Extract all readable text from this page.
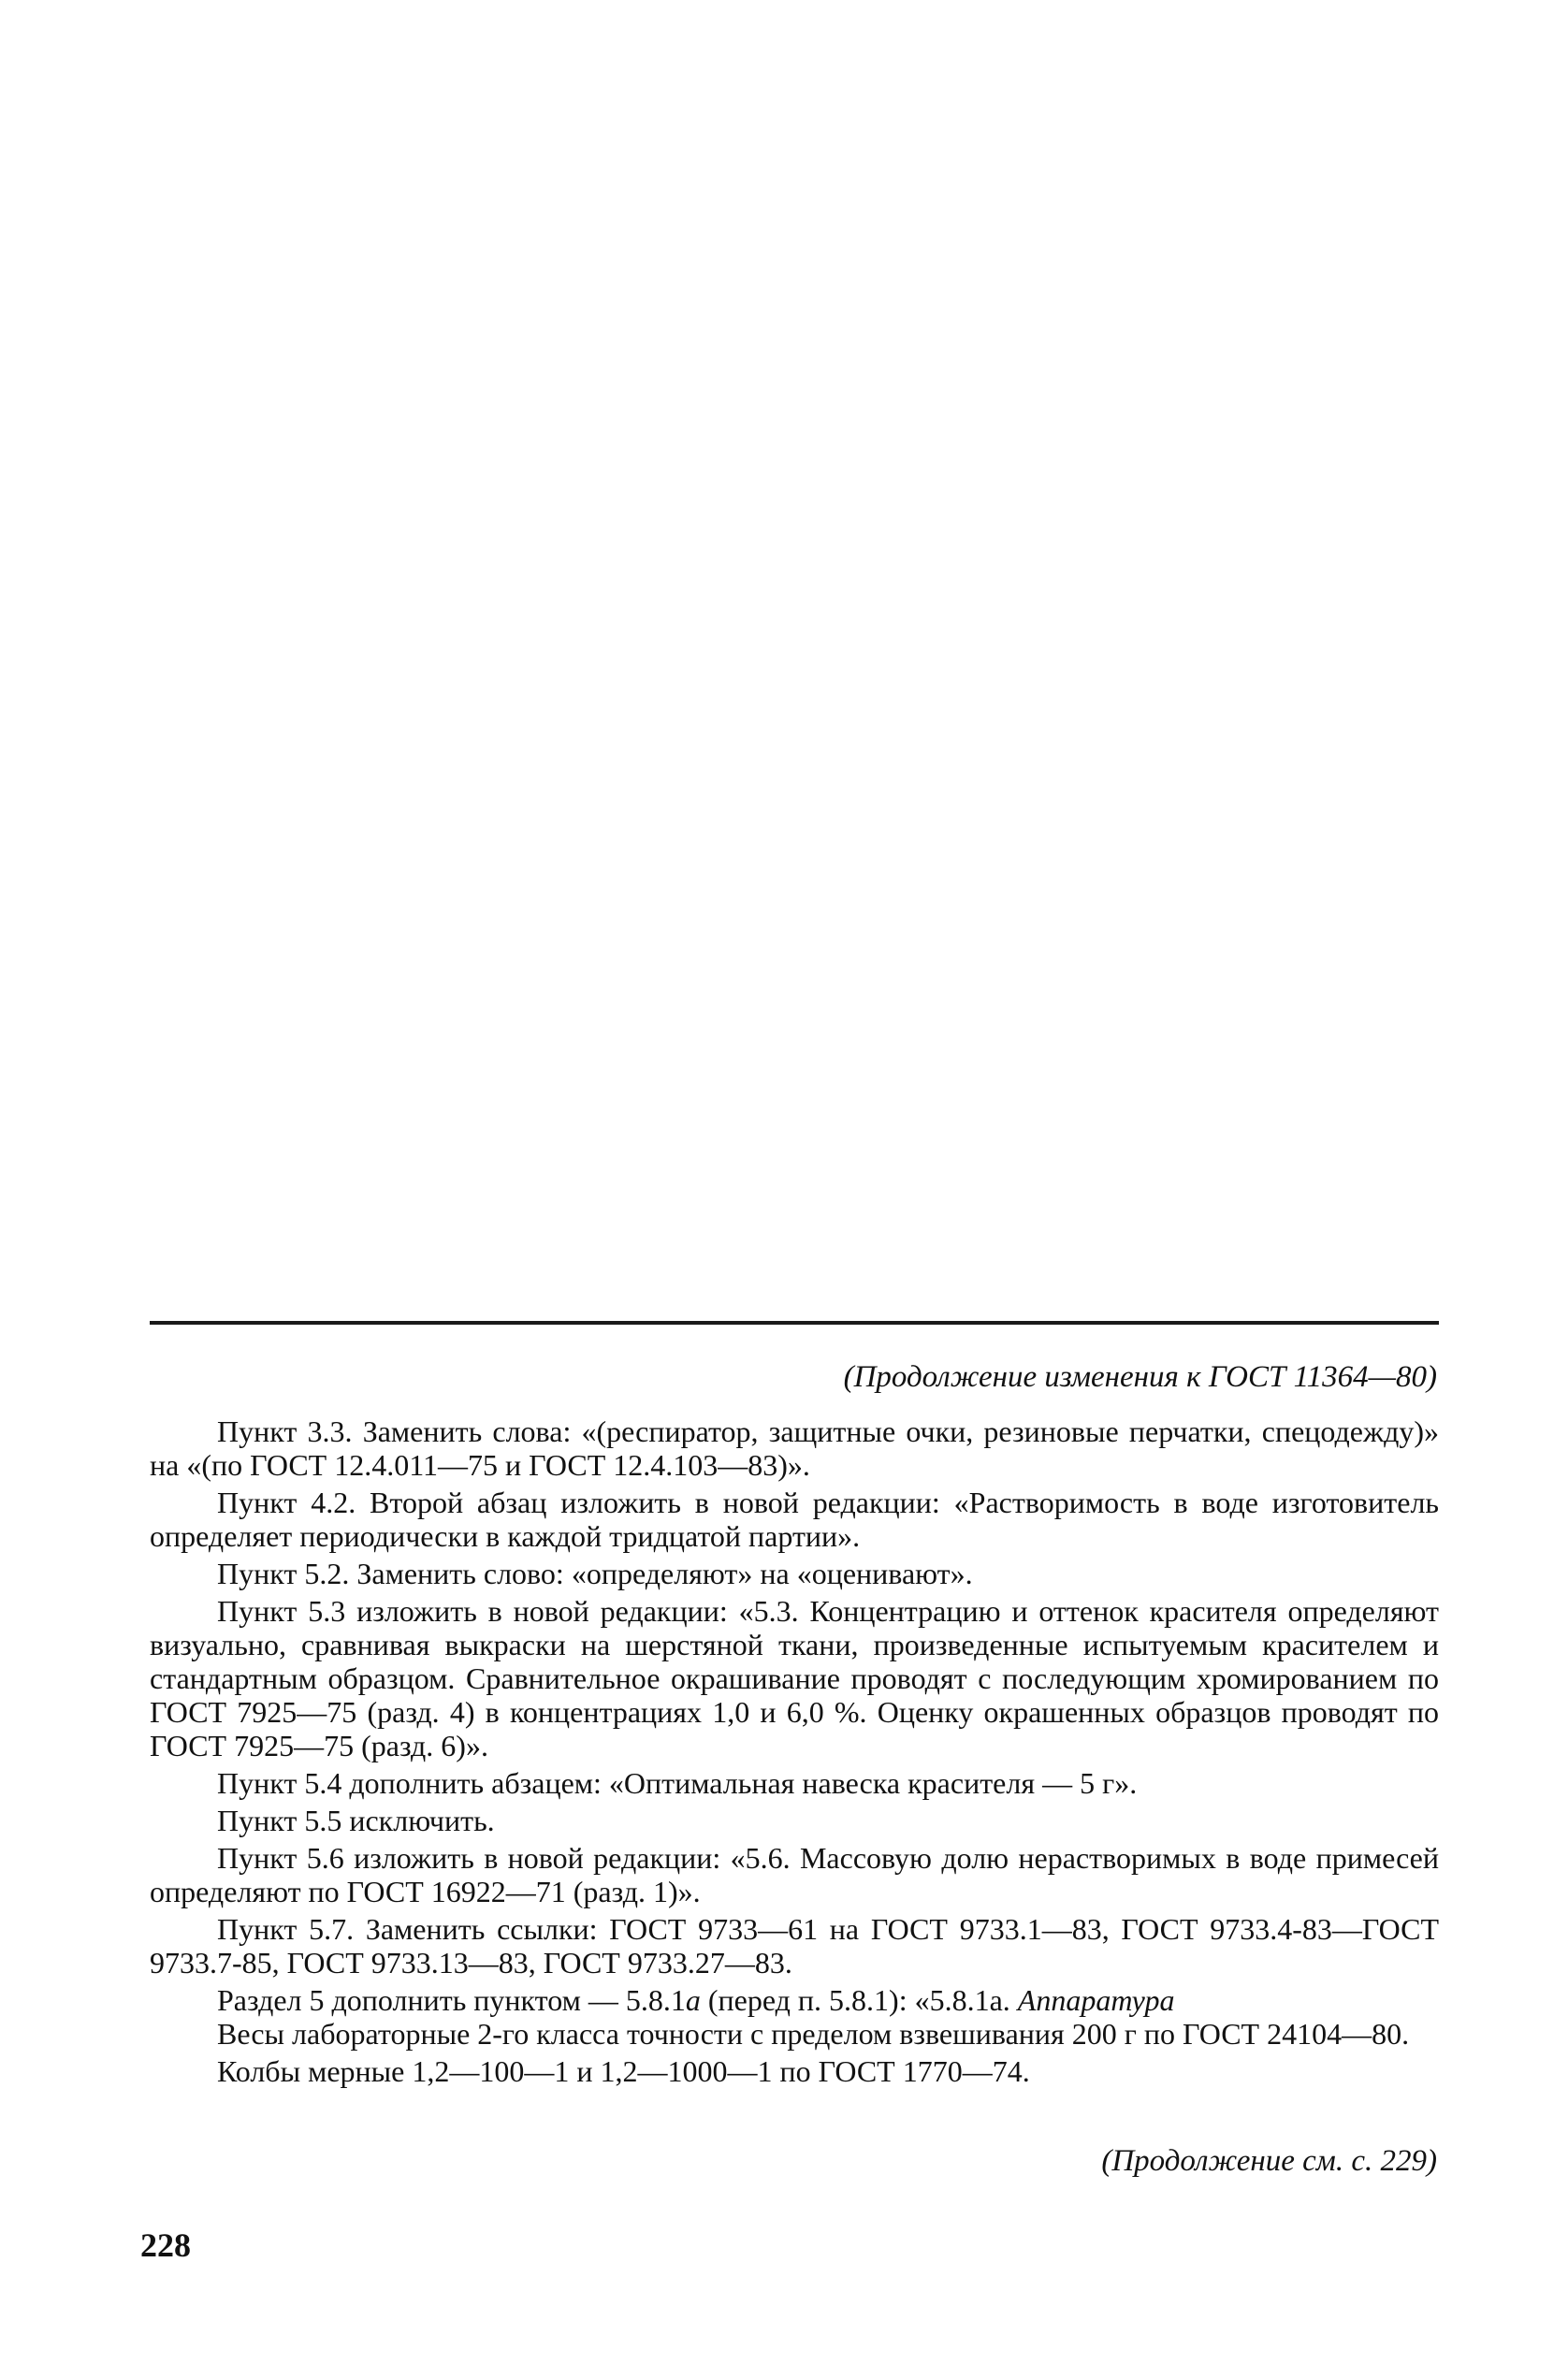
(Продолжение изменения к ГОСТ 11364—80)

Пункт 3.3. Заменить слова: «(респиратор, защитные очки, резиновые перчатки, спецодежду)» на «(по ГОСТ 12.4.011—75 и ГОСТ 12.4.103—83)».

Пункт 4.2. Второй абзац изложить в новой редакции: «Растворимость в воде изготовитель определяет периодически в каждой тридцатой партии».

Пункт 5.2. Заменить слово: «определяют» на «оценивают».

Пункт 5.3 изложить в новой редакции: «5.3. Концентрацию и оттенок красителя определяют визуально, сравнивая выкраски на шерстяной ткани, произведенные испытуемым красителем и стандартным образцом. Сравнительное окрашивание проводят с последующим хромированием по ГОСТ 7925—75 (разд. 4) в концентрациях 1,0 и 6,0 %. Оценку окрашенных образцов проводят по ГОСТ 7925—75 (разд. 6)».

Пункт 5.4 дополнить абзацем: «Оптимальная навеска красителя — 5 г».

Пункт 5.5 исключить.

Пункт 5.6 изложить в новой редакции: «5.6. Массовую долю нерастворимых в воде примесей определяют по ГОСТ 16922—71 (разд. 1)».

Пункт 5.7. Заменить ссылки: ГОСТ 9733—61 на ГОСТ 9733.1—83, ГОСТ 9733.4-83—ГОСТ 9733.7-85, ГОСТ 9733.13—83, ГОСТ 9733.27—83.

Раздел 5 дополнить пунктом — 5.8.1а (перед п. 5.8.1): «5.8.1а. Аппаратура

Весы лабораторные 2-го класса точности с пределом взвешивания 200 г по ГОСТ 24104—80.

Колбы мерные 1,2—100—1 и 1,2—1000—1 по ГОСТ 1770—74.

(Продолжение см. с. 229)
228
